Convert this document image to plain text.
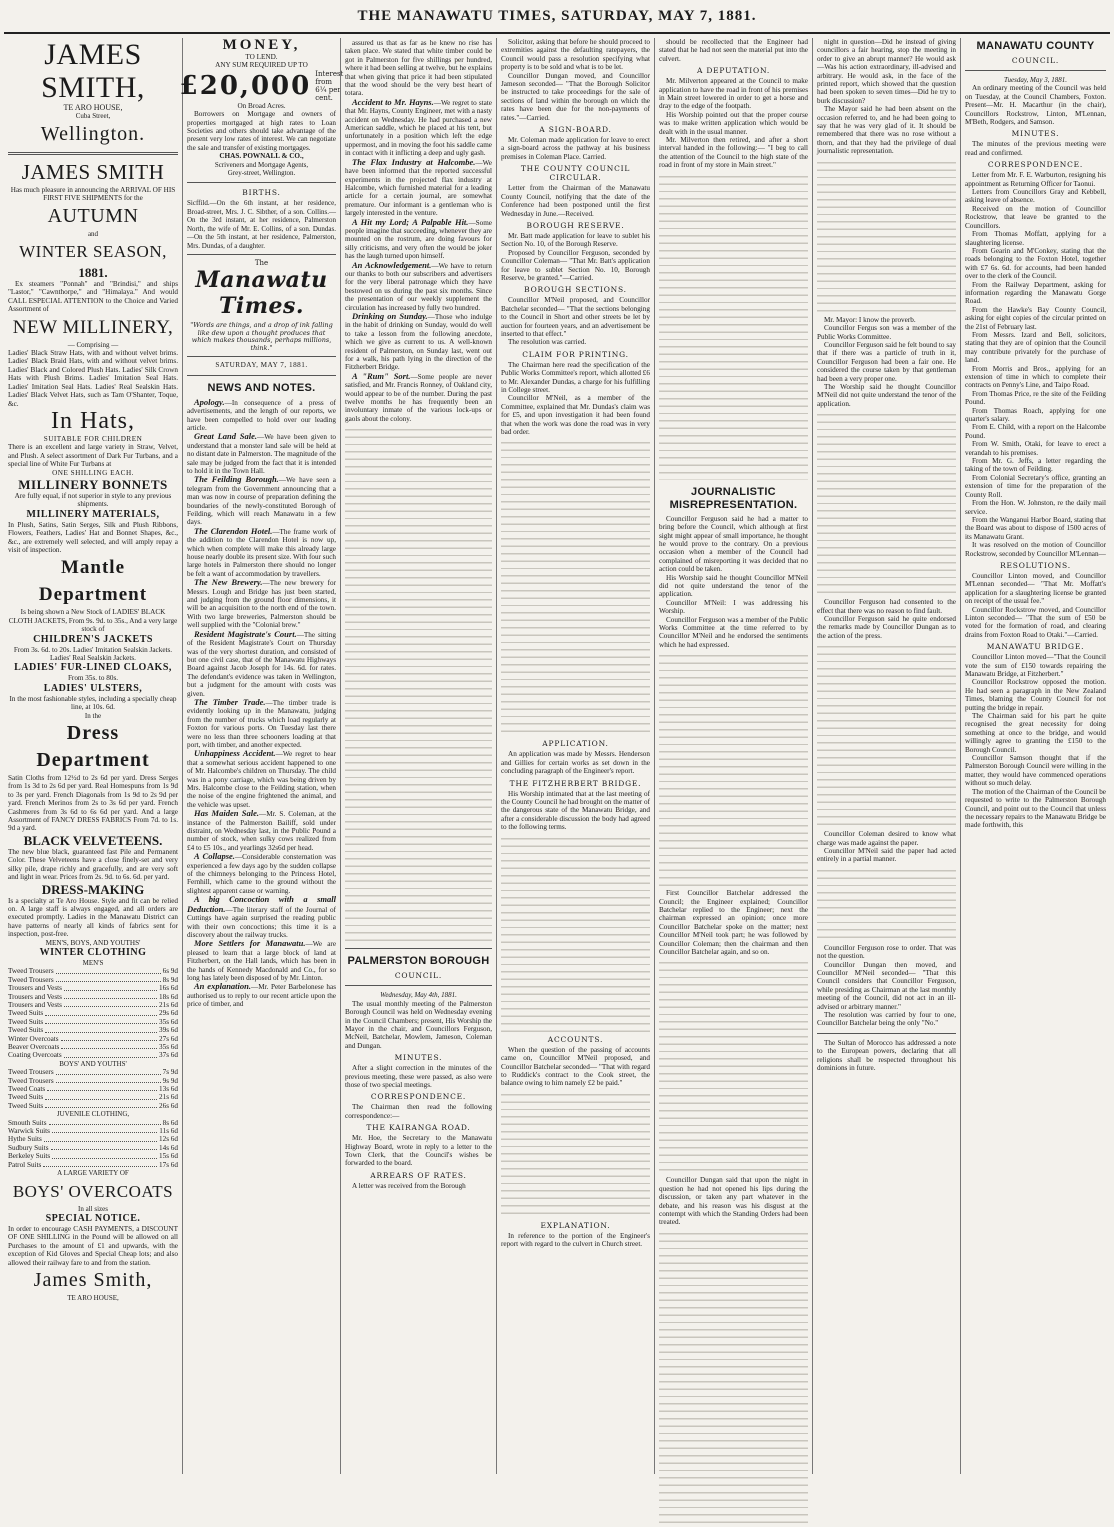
THE MANAWATU TIMES, SATURDAY, MAY 7, 1881.
JAMES SMITH,
TE ARO HOUSE,
Cuba Street,
Wellington.
JAMES SMITH
Has much pleasure in announcing the ARRIVAL OF HIS FIRST FIVE SHIPMENTS for the
AUTUMN
and
WINTER SEASON,
1881.

Ex steamers "Ponnah" and "Brindisi," and ships "Lastor," "Cawnthorpe," and "Himalaya." And would CALL ESPECIAL ATTENTION to the Choice and Varied Assortment of

NEW MILLINERY,
— Comprising —

Ladies' Black Straw Hats, with and without velvet brims. Ladies' Black Braid Hats, with and without velvet brims. Ladies' Black and Colored Plush Hats. Ladies' Silk Crown Hats with Plush Brims. Ladies' Imitation Seal Hats. Ladies' Imitation Seal Hats. Ladies' Real Sealskin Hats. Ladies' Black Velvet Hats, such as Tam O'Shanter, Toque, &c.

In Hats,
SUITABLE FOR CHILDREN

There is an excellent and large variety in Straw, Velvet, and Plush. A select assortment of Dark Fur Turbans, and a special line of White Fur Turbans at

ONE SHILLING EACH.
MILLINERY BONNETS
Are fully equal, if not superior in style to any previous shipments.
MILLINERY MATERIALS,

In Plush, Satins, Satin Serges, Silk and Plush Ribbons, Flowers, Feathers, Ladies' Hat and Bonnet Shapes, &c., &c., are extremely well selected, and will amply repay a visit of inspection.

Mantle Department
Is being shown a New Stock of LADIES' BLACK CLOTH JACKETS, From 9s. 9d. to 35s., And a very large stock of
CHILDREN'S JACKETS
From 3s. 6d. to 20s. Ladies' Imitation Sealskin Jackets. Ladies' Real Sealskin Jackets.
LADIES' FUR-LINED CLOAKS,
From 35s. to 80s.
LADIES' ULSTERS,
In the most fashionable styles, including a specially cheap line, at 10s. 6d.
In the
Dress Department

Satin Cloths from 12½d to 2s 6d per yard. Dress Serges from 1s 3d to 2s 6d per yard. Real Homespuns from 1s 9d to 3s per yard. French Diagonals from 1s 9d to 2s 9d per yard. French Merinos from 2s to 3s 6d per yard. French Cashmeres from 3s 6d to 6s 6d per yard. And a large Assortment of FANCY DRESS FABRICS From 7d. to 1s. 9d a yard.

BLACK VELVETEENS.

The new blue black, guaranteed fast Pile and Permanent Color. These Velveteens have a close finely-set and very silky pile, drape richly and gracefully, and are very soft and light in wear. Prices from 2s. 9d. to 6s. 6d. per yard.

DRESS-MAKING

Is a specialty at Te Aro House. Style and fit can be relied on. A large staff is always engaged, and all orders are executed promptly. Ladies in the Manawatu District can have patterns of nearly all kinds of fabrics sent for inspection, post-free.

MEN'S, BOYS, AND YOUTHS'
WINTER CLOTHING
MEN'S
Tweed Trousers	6s 9d
Tweed Trousers	8s 9d
Trousers and Vests	16s 6d
Trousers and Vests	18s 6d
Trousers and Vests	21s 6d
Tweed Suits	29s 6d
Tweed Suits	35s 6d
Tweed Suits	39s 6d
Winter Overcoats	27s 6d
Beaver Overcoats	35s 6d
Coating Overcoats	37s 6d
BOYS' AND YOUTHS'
Tweed Trousers	7s 9d
Tweed Trousers	9s 9d
Tweed Coats	13s 6d
Tweed Suits	21s 6d
Tweed Suits	26s 6d
JUVENILE CLOTHING,
Smouth Suits	8s 6d
Warwick Suits	11s 6d
Hythe Suits	12s 6d
Sudbury Suits	14s 6d
Berkeley Suits	15s 6d
Patrol Suits	17s 6d
A LARGE VARIETY OF
BOYS' OVERCOATS
In all sizes
SPECIAL NOTICE.

In order to encourage CASH PAYMENTS, a DISCOUNT OF ONE SHILLING in the Pound will be allowed on all Purchases to the amount of £1 and upwards, with the exception of Kid Gloves and Special Cheap lots; and also allowed their railway fare to and from the station.

James Smith,
TE ARO HOUSE,
MONEY,
TO LEND.
ANY SUM REQUIRED UP TO
£20,000 Interest from 6¼ per cent.
On Broad Acres.

Borrowers on Mortgage and owners of properties mortgaged at high rates to Loan Societies and others should take advantage of the present very low rates of interest. We can negotiate the sale and transfer of existing mortgages.

CHAS. POWNALL & CO.,
Scriveners and Mortgage Agents,
Grey-street, Wellington.
BIRTHS.

Sicffild.—On the 6th instant, at her residence, Broad-street, Mrs. J. C. Sibther, of a son. Collins.—On the 3rd instant, at her residence, Palmerston North, the wife of Mr. E. Collins, of a son. Dundas.—On the 5th instant, at her residence, Palmerston, Mrs. Dundas, of a daughter.

The
Manawatu Times.
"Words are things, and a drop of ink falling like dew upon a thought produces that which makes thousands, perhaps millions, think."
SATURDAY, MAY 7, 1881.
NEWS AND NOTES.

Apology.—In consequence of a press of advertisements, and the length of our reports, we have been compelled to hold over our leading article.

Great Land Sale.—We have been given to understand that a monster land sale will be held at no distant date in Palmerston. The magnitude of the sale may be judged from the fact that it is intended to hold it in the Town Hall.

The Feilding Borough.—We have seen a telegram from the Government announcing that a man was now in course of preparation defining the boundaries of the newly-constituted Borough of Feilding, which will reach Manawatu in a few days.

The Clarendon Hotel.—The frame work of the addition to the Clarendon Hotel is now up, which when complete will make this already large house nearly double its present size. With four such large hotels in Palmerston there should no longer be felt a want of accommodation by travellers.

The New Brewery.—The new brewery for Messrs. Lough and Bridge has just been started, and judging from the ground floor dimensions, it will be an acquisition to the north end of the town. With two large breweries, Palmerston should be well supplied with the "Colonial brew."

Resident Magistrate's Court.—The sitting of the Resident Magistrate's Court on Thursday was of the very shortest duration, and consisted of but one civil case, that of the Manawatu Highways Board against Jacob Joseph for 14s. 6d. for rates. The defendant's evidence was taken in Wellington, but a judgment for the amount with costs was given.

The Timber Trade.—The timber trade is evidently looking up in the Manawatu, judging from the number of trucks which load regularly at Foxton for various ports. On Tuesday last there were no less than three schooners loading at that port, with timber, and another expected.

Unhappiness Accident.—We regret to hear that a somewhat serious accident happened to one of Mr. Halcombe's children on Thursday. The child was in a pony carriage, which was being driven by Mrs. Halcombe close to the Feilding station, when the noise of the engine frightened the animal, and the vehicle was upset.

Has Maiden Sale.—Mr. S. Coleman, at the instance of the Palmerston Bailiff, sold under distraint, on Wednesday last, in the Public Pound a number of stock, when sulky cows realized from £4 to £5 10s., and yearlings 32s6d per head.

A Collapse.—Considerable consternation was experienced a few days ago by the sudden collapse of the chimneys belonging to the Princess Hotel, Fernhill, which came to the ground without the slightest apparent cause or warning.

A big Concoction with a small Deduction.—The literary staff of the Journal of Cuttings have again surprised the reading public with their own concoctions; this time it is a discovery about the railway trucks.

More Settlers for Manawatu.—We are pleased to learn that a large block of land at Fitzherbert, on the Hall lands, which has been in the hands of Kennedy Macdonald and Co., for so long has lately been disposed of by Mr. Linton.

An explanation.—Mr. Peter Barbelonese has authorised us to reply to our recent article upon the price of timber, and

assured us that as far as he knew no rise has taken place. We stated that white timber could be got in Palmerston for five shillings per hundred, where it had been selling at twelve, but he explains that when giving that price it had been stipulated that the wood should be the very best heart of totara.

Accident to Mr. Hayns.—We regret to state that Mr. Hayns, County Engineer, met with a nasty accident on Wednesday. He had purchased a new American saddle, which he placed at his tent, but unfortunately in a position which left the edge uppermost, and in moving the foot his saddle came in contact with it inflicting a deep and ugly gash.

The Flax Industry at Halcombe.—We have been informed that the reported successful experiments in the projected flax industry at Halcombe, which furnished material for a leading article for a certain journal, are somewhat premature. Our informant is a gentleman who is largely interested in the venture.

A Hit my Lord; A Palpable Hit.—Some people imagine that succeeding, whenever they are mounted on the rostrum, are doing favours for silly criticisms, and very often the would be joker has the laugh turned upon himself.

An Acknowledgement.—We have to return our thanks to both our subscribers and advertisers for the very liberal patronage which they have bestowed on us during the past six months. Since the presentation of our weekly supplement the circulation has increased by fully two hundred.

Drinking on Sunday.—Those who indulge in the habit of drinking on Sunday, would do well to take a lesson from the following anecdote, which we give as current to us. A well-known resident of Palmerston, on Sunday last, went out for a walk, his path lying in the direction of the Fitzherbert Bridge.

A "Rum" Sort.—Some people are never satisfied, and Mr. Francis Ronney, of Oakland city, would appear to be of the number. During the past twelve months he has frequently been an involuntary inmate of the various lock-ups or gaols about the colony.

PALMERSTON BOROUGH
COUNCIL.
Wednesday, May 4th, 1881.

The usual monthly meeting of the Palmerston Borough Council was held on Wednesday evening in the Council Chambers; present, His Worship the Mayor in the chair, and Councillors Ferguson, McNeil, Batchelar, Mowlem, Jameson, Coleman and Dungan.

MINUTES.

After a slight correction in the minutes of the previous meeting, these were passed, as also were those of two special meetings.

CORRESPONDENCE.

The Chairman then read the following correspondence:—

THE KAIRANGA ROAD.

Mr. Hoe, the Secretary to the Manawatu Highway Board, wrote in reply to a letter to the Town Clerk, that the Council's wishes be forwarded to the board.

ARREARS OF RATES.

A letter was received from the Borough

Solicitor, asking that before he should proceed to extremities against the defaulting ratepayers, the Council would pass a resolution specifying what property is to be sold and what is to be let.

Councillor Dungan moved, and Councillor Jameson seconded— "That the Borough Solicitor be instructed to take proceedings for the sale of sections of land within the borough on which the rates have been due for the non-payments of rates."—Carried.

A SIGN-BOARD.

Mr. Coleman made application for leave to erect a sign-board across the pathway at his business premises in Coleman Place. Carried.

THE COUNTY COUNCIL CIRCULAR.

Letter from the Chairman of the Manawatu County Council, notifying that the date of the Conference had been postponed until the first Wednesday in June.—Received.

BOROUGH RESERVE.

Mr. Batt made application for leave to sublet his Section No. 10, of the Borough Reserve.

Proposed by Councillor Ferguson, seconded by Councillor Coleman— "That Mr. Batt's application for leave to sublet Section No. 10, Borough Reserve, be granted."—Carried.

BOROUGH SECTIONS.

Councillor M'Neil proposed, and Councillor Batchelar seconded— "That the sections belonging to the Council in Short and other streets be let by auction for fourteen years, and an advertisement be inserted to that effect."

The resolution was carried.

CLAIM FOR PRINTING.

The Chairman here read the specification of the Public Works Committee's report, which allotted £6 to Mr. Alexander Dundas, a charge for his fulfilling in College street.

Councillor M'Neil, as a member of the Committee, explained that Mr. Dundas's claim was for £5, and upon investigation it had been found that when the work was done the road was in very bad order.

APPLICATION.

An application was made by Messrs. Henderson and Gillies for certain works as set down in the concluding paragraph of the Engineer's report.

THE FITZHERBERT BRIDGE.

His Worship intimated that at the last meeting of the County Council he had brought on the matter of the dangerous state of the Manawatu Bridge, and after a considerable discussion the body had agreed to the following terms.

ACCOUNTS.

When the question of the passing of accounts came on, Councillor M'Neil proposed, and Councillor Batchelar seconded— "That with regard to Ruddick's contract to the Cook street, the balance owing to him namely £2 be paid."

EXPLANATION.

In reference to the portion of the Engineer's report with regard to the culvert in Church street.

should be recollected that the Engineer had stated that he had not seen the material put into the culvert.

A DEPUTATION.

Mr. Milverton appeared at the Council to make application to have the road in front of his premises in Main street lowered in order to get a horse and dray to the edge of the footpath.

His Worship pointed out that the proper course was to make written application which would be dealt with in the usual manner.

Mr. Milverton then retired, and after a short interval handed in the following:— "I beg to call the attention of the Council to the high state of the road in front of my store in Main street."

JOURNALISTIC MISREPRESENTATION.

Councillor Ferguson said he had a matter to bring before the Council, which although at first sight might appear of small importance, he thought he would prove to the contrary. On a previous occasion when a member of the Council had complained of misreporting it was decided that no action could be taken.

His Worship said he thought Councillor M'Neil did not quite understand the tenor of the application.

Councillor M'Neil: I was addressing his Worship.

Councillor Ferguson was a member of the Public Works Committee at the time referred to by Councillor M'Neil and he endorsed the sentiments which he had expressed.

First Councillor Batchelar addressed the Council; the Engineer explained; Councillor Batchelar replied to the Engineer; next the chairman expressed an opinion; once more Councillor Batchelar spoke on the matter; next Councillor M'Neil took part; he was followed by Councillor Coleman; then the chairman and then Councillor Batchelar again, and so on.

Councillor Dungan said that upon the night in question he had not opened his lips during the discussion, or taken any part whatever in the debate, and his reason was his disgust at the contempt with which the Standing Orders had been treated.

night in question—Did he instead of giving councillors a fair hearing, stop the meeting in order to give an abrupt manner? He would ask—Was his action extraordinary, ill-advised and arbitrary. He would ask, in the face of the printed report, which showed that the question had been spoken to seven times—Did he try to burk discussion?

The Mayor said he had been absent on the occasion referred to, and he had been going to say that he was very glad of it. It should be remembered that there was no rose without a thorn, and that they had the privilege of dual journalistic representation.

Mr. Mayor: I know the proverb.

Councillor Fergus son was a member of the Public Works Committee.

Councillor Ferguson said he felt bound to say that if there was a particle of truth in it, Councillor Ferguson had been a fair one. He considered the course taken by that gentleman had been a very proper one.

The Worship said he thought Councillor M'Neil did not quite understand the tenor of the application.

Councillor Ferguson had consented to the effect that there was no reason to find fault.

Councillor Ferguson said he quite endorsed the remarks made by Councillor Dungan as to the action of the press.

Councillor Coleman desired to know what charge was made against the paper.

Councillor M'Neil said the paper had acted entirely in a partial manner.

Councillor Ferguson rose to order. That was not the question.

Councillor Dungan then moved, and Councillor M'Neil seconded— "That this Council considers that Councillor Ferguson, while presiding as Chairman at the last monthly meeting of the Council, did not act in an ill-advised or arbitrary manner."

The resolution was carried by four to one, Councillor Batchelar being the only "No."

The Sultan of Morocco has addressed a note to the European powers, declaring that all religions shall be respected throughout his dominions in future.

MANAWATU COUNTY
COUNCIL.
Tuesday, May 3, 1881.

An ordinary meeting of the Council was held on Tuesday, at the Council Chambers, Foxton. Present—Mr. H. Macarthur (in the chair), Councillors Rockstrow, Linton, M'Lennan, M'Beth, Rodgers, and Samson.

MINUTES.

The minutes of the previous meeting were read and confirmed.

CORRESPONDENCE.

Letter from Mr. F. E. Warburton, resigning his appointment as Returning Officer for Taonui.

Letters from Councillors Gray and Kebbell, asking leave of absence.

Received on the motion of Councillor Rockstrow, that leave be granted to the Councillors.

From Thomas Moffatt, applying for a slaughtering license.

From Gearin and M'Conkey, stating that the roads belonging to the Foxton Hotel, together with £7 6s. 6d. for accounts, had been handed over to the clerk of the Council.

From the Railway Department, asking for information regarding the Manawatu Gorge Road.

From the Hawke's Bay County Council, asking for eight copies of the circular printed on the 21st of February last.

From Messrs. Izard and Bell, solicitors, stating that they are of opinion that the Council may contribute privately for the purchase of land.

From Morris and Bros., applying for an extension of time in which to complete their contracts on Penny's Line, and Taipo Road.

From Thomas Price, re the site of the Feilding Pound.

From Thomas Roach, applying for one quarter's salary.

From E. Child, with a report on the Halcombe Pound.

From W. Smith, Otaki, for leave to erect a verandah to his premises.

From Mr. G. Jeffs, a letter regarding the taking of the town of Feilding.

From Colonial Secretary's office, granting an extension of time for the preparation of the County Roll.

From the Hon. W. Johnston, re the daily mail service.

From the Wanganui Harbor Board, stating that the Board was about to dispose of 1500 acres of its Manawatu Grant.

It was resolved on the motion of Councillor Rockstrow, seconded by Councillor M'Lennan—

RESOLUTIONS.

Councillor Linton moved, and Councillor M'Lennan seconded— "That Mr. Moffatt's application for a slaughtering license be granted on receipt of the usual fee."

Councillor Rockstrow moved, and Councillor Linton seconded— "That the sum of £50 be voted for the formation of road, and clearing drains from Foxton Road to Otaki."—Carried.

MANAWATU BRIDGE.

Councillor Linton moved—"That the Council vote the sum of £150 towards repairing the Manawatu Bridge, at Fitzherbert."

Councillor Rockstrow opposed the motion. He had seen a paragraph in the New Zealand Times, blaming the County Council for not putting the bridge in repair.

The Chairman said for his part he quite recognised the great necessity for doing something at once to the bridge, and would willingly agree to granting the £150 to the Borough Council.

Councillor Samson thought that if the Palmerston Borough Council were willing in the matter, they would have commenced operations without so much delay.

The motion of the Chairman of the Council be requested to write to the Palmerston Borough Council, and point out to the Council that unless the necessary repairs to the Manawatu Bridge be made forthwith, this
